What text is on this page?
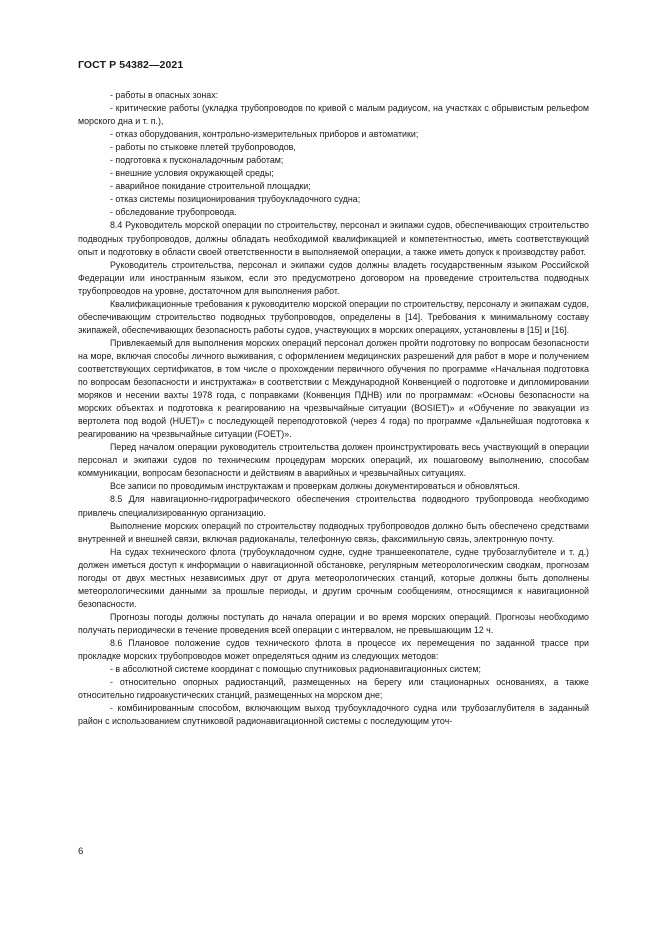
ГОСТ Р 54382—2021

- работы в опасных зонах:

- критические работы (укладка трубопроводов по кривой с малым радиусом, на участках с обрывистым рельефом морского дна и т. п.),

- отказ оборудования, контрольно-измерительных приборов и автоматики;

- работы по стыковке плетей трубопроводов,

- подготовка к пусконаладочным работам;

- внешние условия окружающей среды;

- аварийное покидание строительной площадки;

- отказ системы позиционирования трубоукладочного судна;

- обследование трубопровода.

8.4 Руководитель морской операции по строительству, персонал и экипажи судов, обеспечивающих строительство подводных трубопроводов, должны обладать необходимой квалификацией и компетентностью, иметь соответствующий опыт и подготовку в области своей ответственности в выполняемой операции, а также иметь допуск к производству работ.

Руководитель строительства, персонал и экипажи судов должны владеть государственным языком Российской Федерации или иностранным языком, если это предусмотрено договором на проведение строительства подводных трубопроводов на уровне, достаточном для выполнения работ.

Квалификационные требования к руководителю морской операции по строительству, персоналу и экипажам судов, обеспечивающим строительство подводных трубопроводов, определены в [14]. Требования к минимальному составу экипажей, обеспечивающих безопасность работы судов, участвующих в морских операциях, установлены в [15] и [16].

Привлекаемый для выполнения морских операций персонал должен пройти подготовку по вопросам безопасности на море, включая способы личного выживания, с оформлением медицинских разрешений для работ в море и получением соответствующих сертификатов, в том числе о прохождении первичного обучения по программе «Начальная подготовка по вопросам безопасности и инструктажа» в соответствии с Международной Конвенцией о подготовке и дипломировании моряков и несении вахты 1978 года, с поправками (Конвенция ПДНВ) или по программам: «Основы безопасности на морских объектах и подготовка к реагированию на чрезвычайные ситуации (BOSIET)» и «Обучение по эвакуации из вертолета под водой (HUET)» с последующей переподготовкой (через 4 года) по программе «Дальнейшая подготовка к реагированию на чрезвычайные ситуации (FOET)».

Перед началом операции руководитель строительства должен проинструктировать весь участвующий в операции персонал и экипажи судов по техническим процедурам морских операций, их пошаговому выполнению, способам коммуникации, вопросам безопасности и действиям в аварийных и чрезвычайных ситуациях.

Все записи по проводимым инструктажам и проверкам должны документироваться и обновляться.

8.5 Для навигационно-гидрографического обеспечения строительства подводного трубопровода необходимо привлечь специализированную организацию.

Выполнение морских операций по строительству подводных трубопроводов должно быть обеспечено средствами внутренней и внешней связи, включая радиоканалы, телефонную связь, факсимильную связь, электронную почту.

На судах технического флота (трубоукладочном судне, судне траншеекопателе, судне трубозаглубителе и т. д.) должен иметься доступ к информации о навигационной обстановке, регулярным метеорологическим сводкам, прогнозам погоды от двух местных независимых друг от друга метеорологических станций, которые должны быть дополнены метеорологическими данными за прошлые периоды, и другим срочным сообщениям, относящимся к навигационной безопасности.

Прогнозы погоды должны поступать до начала операции и во время морских операций. Прогнозы необходимо получать периодически в течение проведения всей операции с интервалом, не превышающим 12 ч.

8.6 Плановое положение судов технического флота в процессе их перемещения по заданной трассе при прокладке морских трубопроводов может определяться одним из следующих методов:

- в абсолютной системе координат с помощью спутниковых радионавигационных систем;

- относительно опорных радиостанций, размещенных на берегу или стационарных основаниях, а также относительно гидроакустических станций, размещенных на морском дне;

- комбинированным способом, включающим выход трубоукладочного судна или трубозаглубителя в заданный район с использованием спутниковой радионавигационной системы с последующим уточ-

6
